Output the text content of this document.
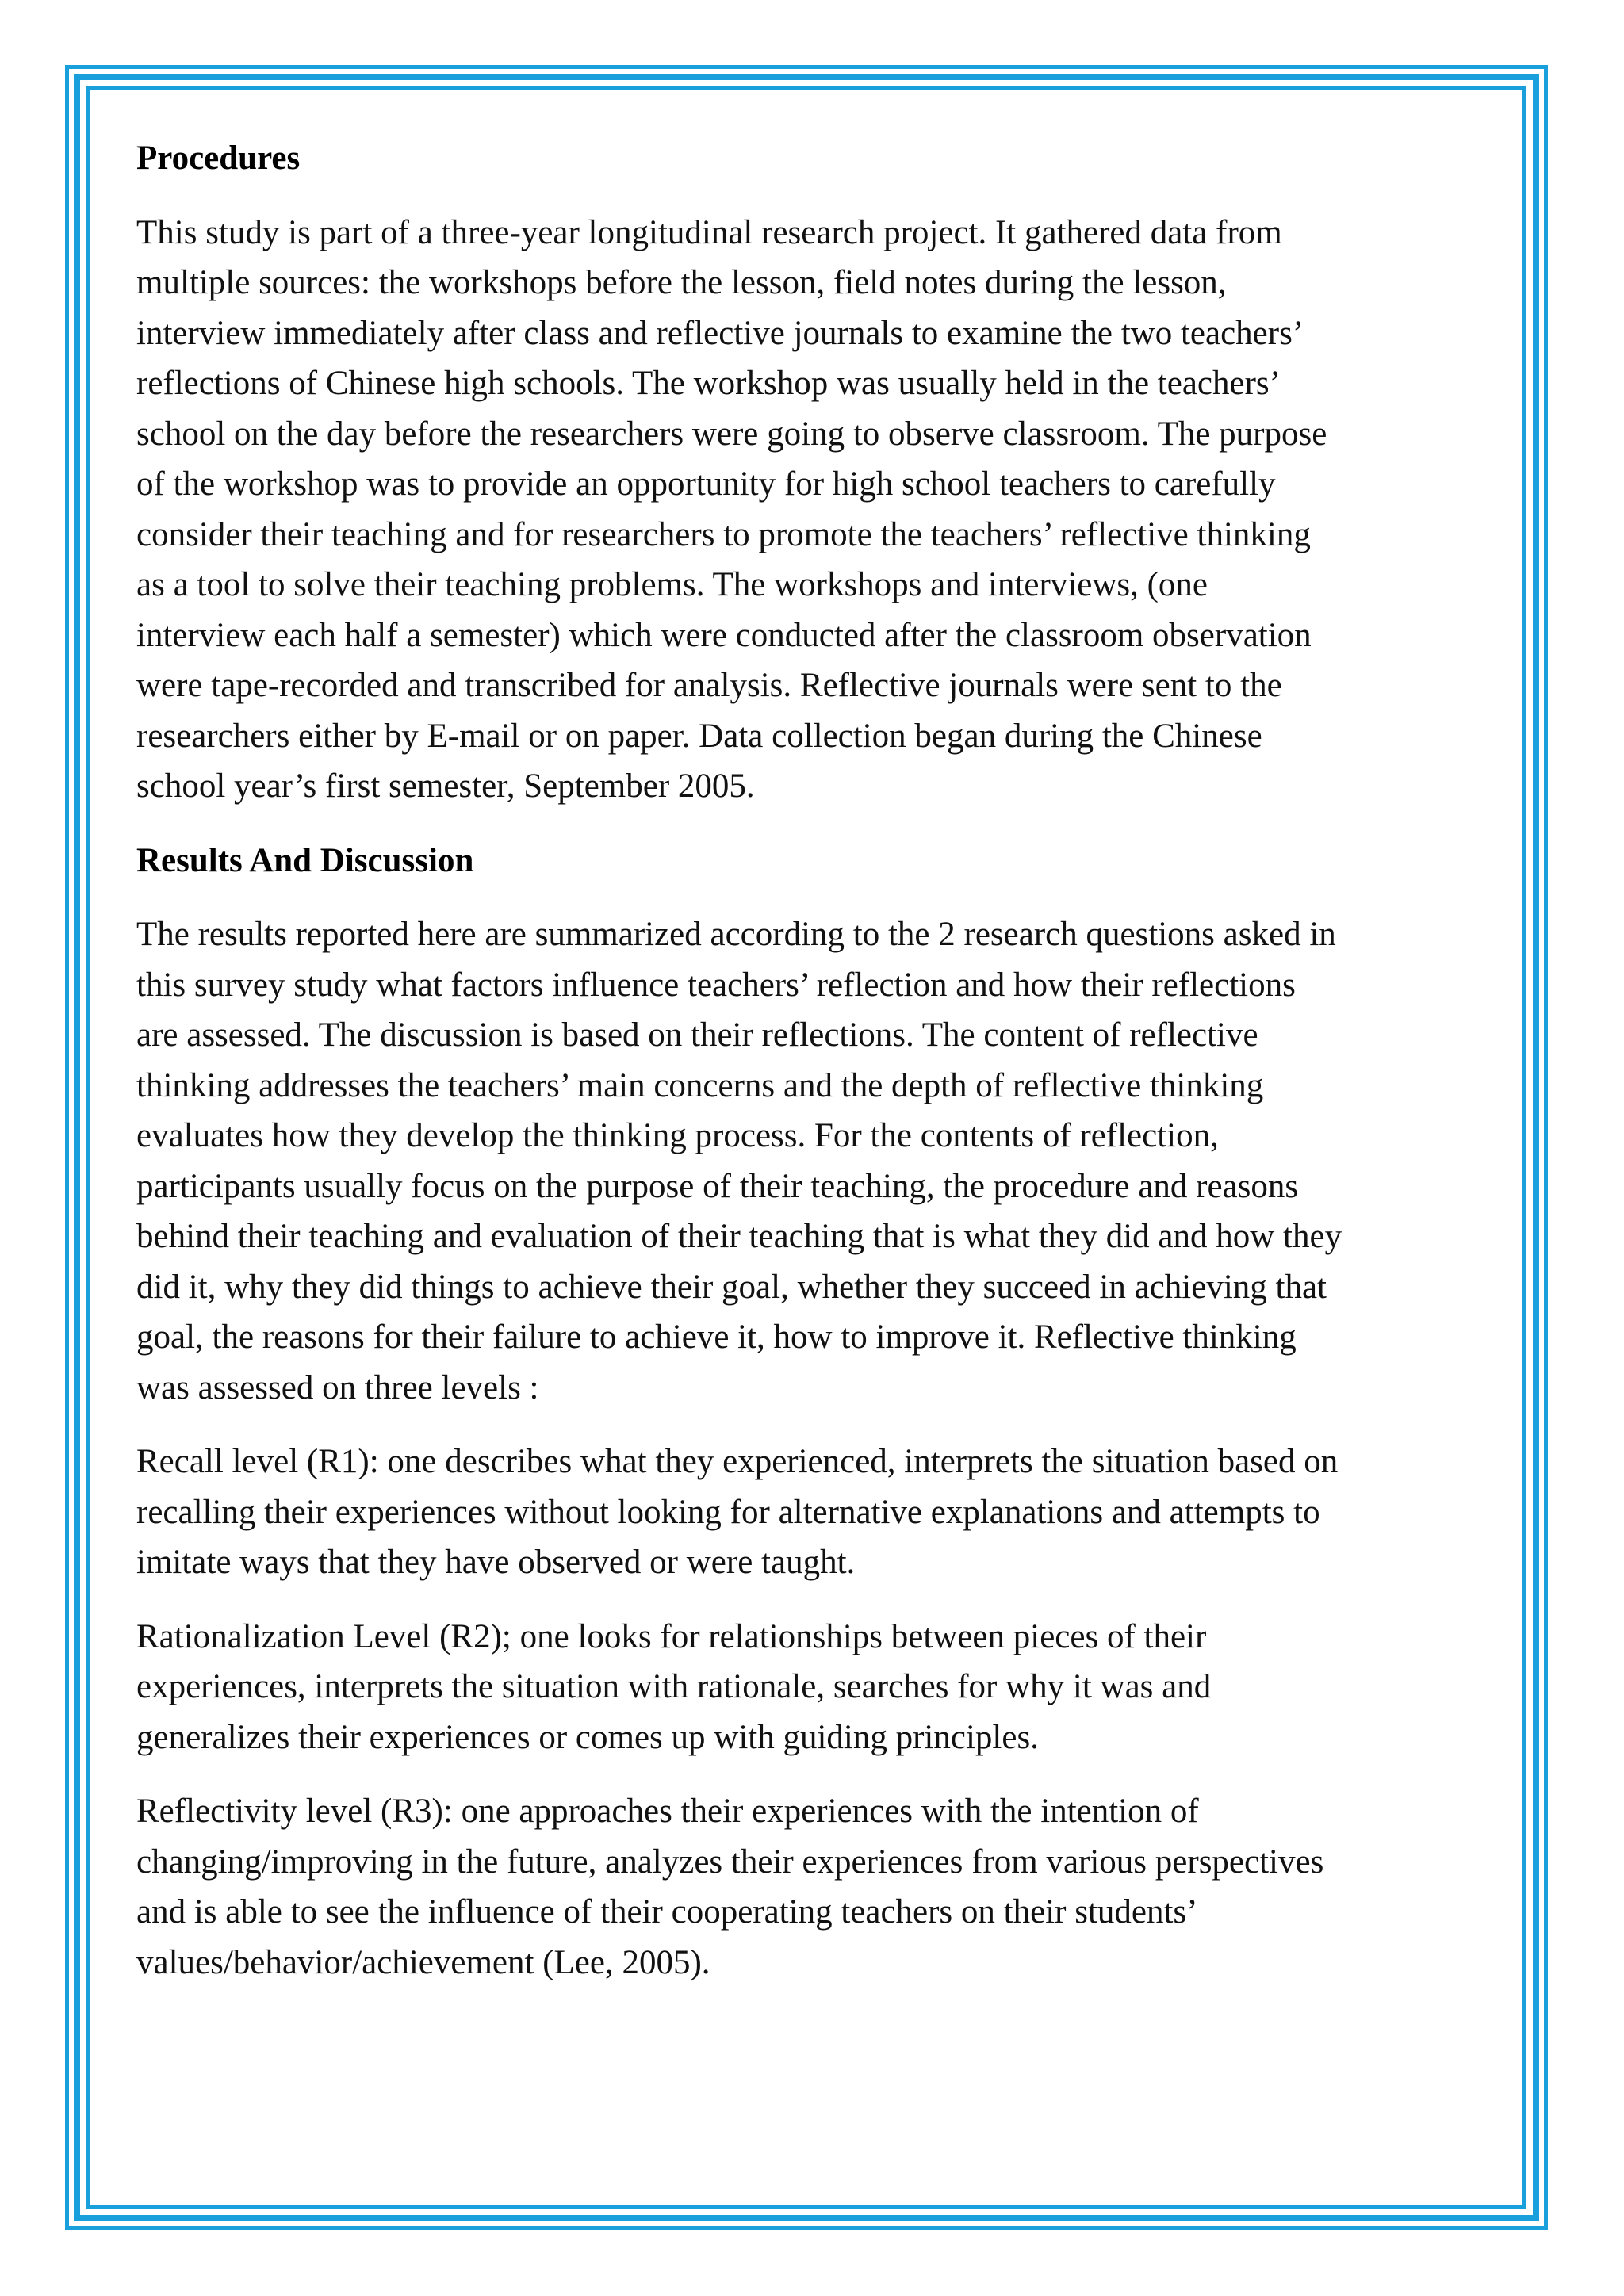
Procedures

This study is part of a three-year longitudinal research project. It gathered data from
multiple sources: the workshops before the lesson, field notes during the lesson,
interview immediately after class and reflective journals to examine the two teachers’
reflections of Chinese high schools. The workshop was usually held in the teachers’
school on the day before the researchers were going to observe classroom. The purpose
of the workshop was to provide an opportunity for high school teachers to carefully
consider their teaching and for researchers to promote the teachers’ reflective thinking
as a tool to solve their teaching problems. The workshops and interviews, (one
interview each half a semester) which were conducted after the classroom observation
were tape-recorded and transcribed for analysis. Reflective journals were sent to the
researchers either by E-mail or on paper. Data collection began during the Chinese
school year’s first semester, September 2005.

Results And Discussion

The results reported here are summarized according to the 2 research questions asked in
this survey study what factors influence teachers’ reflection and how their reflections
are assessed. The discussion is based on their reflections. The content of reflective
thinking addresses the teachers’ main concerns and the depth of reflective thinking
evaluates how they develop the thinking process. For the contents of reflection,
participants usually focus on the purpose of their teaching, the procedure and reasons
behind their teaching and evaluation of their teaching that is what they did and how they
did it, why they did things to achieve their goal, whether they succeed in achieving that
goal, the reasons for their failure to achieve it, how to improve it. Reflective thinking
was assessed on three levels :

Recall level (R1): one describes what they experienced, interprets the situation based on
recalling their experiences without looking for alternative explanations and attempts to
imitate ways that they have observed or were taught.

Rationalization Level (R2); one looks for relationships between pieces of their
experiences, interprets the situation with rationale, searches for why it was and
generalizes their experiences or comes up with guiding principles.

Reflectivity level (R3): one approaches their experiences with the intention of
changing/improving in the future, analyzes their experiences from various perspectives
and is able to see the influence of their cooperating teachers on their students’
values/behavior/achievement (Lee, 2005).
